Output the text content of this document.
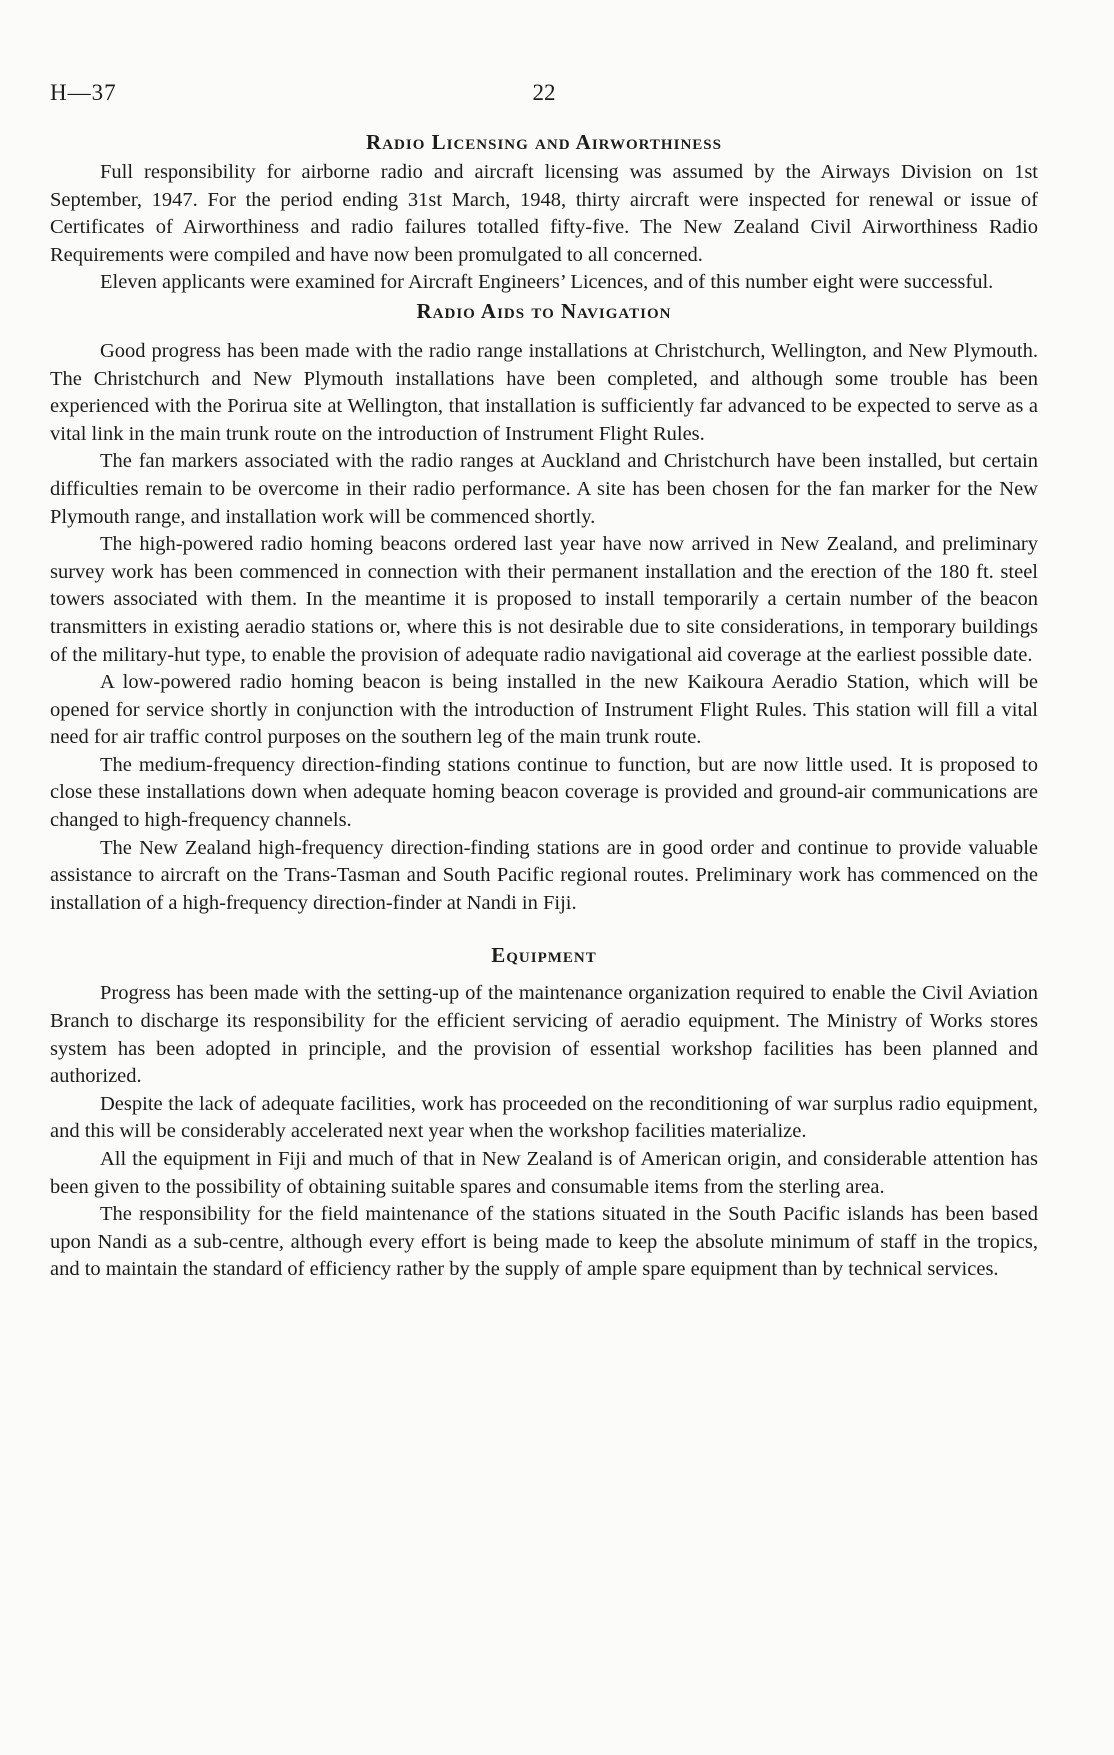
H—37	22
Radio Licensing and Airworthiness

Full responsibility for airborne radio and aircraft licensing was assumed by the Airways Division on 1st September, 1947. For the period ending 31st March, 1948, thirty aircraft were inspected for renewal or issue of Certificates of Airworthiness and radio failures totalled fifty-five. The New Zealand Civil Airworthiness Radio Requirements were compiled and have now been promulgated to all concerned.

Eleven applicants were examined for Aircraft Engineers’ Licences, and of this number eight were successful.

Radio Aids to Navigation

Good progress has been made with the radio range installations at Christchurch, Wellington, and New Plymouth. The Christchurch and New Plymouth installations have been completed, and although some trouble has been experienced with the Porirua site at Wellington, that installation is sufficiently far advanced to be expected to serve as a vital link in the main trunk route on the introduction of Instrument Flight Rules.

The fan markers associated with the radio ranges at Auckland and Christchurch have been installed, but certain difficulties remain to be overcome in their radio performance. A site has been chosen for the fan marker for the New Plymouth range, and installation work will be commenced shortly.

The high-powered radio homing beacons ordered last year have now arrived in New Zealand, and preliminary survey work has been commenced in connection with their permanent installation and the erection of the 180 ft. steel towers associated with them. In the meantime it is proposed to install temporarily a certain number of the beacon transmitters in existing aeradio stations or, where this is not desirable due to site considerations, in temporary buildings of the military-hut type, to enable the provision of adequate radio navigational aid coverage at the earliest possible date.

A low-powered radio homing beacon is being installed in the new Kaikoura Aeradio Station, which will be opened for service shortly in conjunction with the introduction of Instrument Flight Rules. This station will fill a vital need for air traffic control purposes on the southern leg of the main trunk route.

The medium-frequency direction-finding stations continue to function, but are now little used. It is proposed to close these installations down when adequate homing beacon coverage is provided and ground-air communications are changed to high-frequency channels.

The New Zealand high-frequency direction-finding stations are in good order and continue to provide valuable assistance to aircraft on the Trans-Tasman and South Pacific regional routes. Preliminary work has commenced on the installation of a high-frequency direction-finder at Nandi in Fiji.

Equipment

Progress has been made with the setting-up of the maintenance organization required to enable the Civil Aviation Branch to discharge its responsibility for the efficient servicing of aeradio equipment. The Ministry of Works stores system has been adopted in principle, and the provision of essential workshop facilities has been planned and authorized.

Despite the lack of adequate facilities, work has proceeded on the reconditioning of war surplus radio equipment, and this will be considerably accelerated next year when the workshop facilities materialize.

All the equipment in Fiji and much of that in New Zealand is of American origin, and considerable attention has been given to the possibility of obtaining suitable spares and consumable items from the sterling area.

The responsibility for the field maintenance of the stations situated in the South Pacific islands has been based upon Nandi as a sub-centre, although every effort is being made to keep the absolute minimum of staff in the tropics, and to maintain the standard of efficiency rather by the supply of ample spare equipment than by technical services.
